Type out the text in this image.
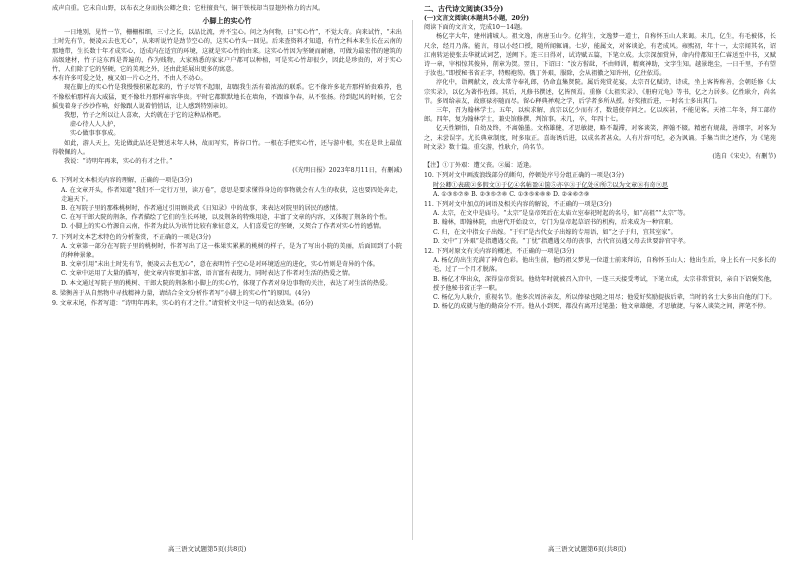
成声自重。它未自山野，以布衣之身而执公卿之贵；它柱擅贵气，铜干铁枝却当显翅外格力的古风。

小脚上的实心竹

一日地别，见竹一节，栅栅相细，三寸之长，以品比流，并不宝心。问之为何物，曰“实心竹”，不觉大奇。向来试竹，“未出土时先有节，便凌云去也无心”，从来听说竹是劲节空心的，这实心竹头一回见。后来查资料才知道，有竹之科本来生长在云南的那地带，生长数十年才成实心，适成内在适宜的环境，这就是实心竹的由来。这实心竹因为坚硬而耐磨，可做为最宏伟的建筑的高级建材，竹子这东西是普遍的，作为贱物，大家熟悉的家家户户都可以种植，可是实心竹却很少，因此是珍贵的，对于实心竹，人们除了它的坚硬，它的美观之外，还由此延展出更多的寓意。

本有许多可爱之处，瘦又如一片心之丹，不由人不动心。

现在脚上的实心竹是我慢慢积累起来的，竹子尽管不起眼，却跟我生活有着浓浓的联系。它不像许多花卉那样娇贵难养，也不像松柏那样高大威猛，更不像牡丹那样雍容华贵。平时它都默默地长在墙角，不跟谁争春，从不张扬。待到起风的时候，它会摇曳着身子沙沙作响，好像跟人说着悄悄话，让人感到特别亲切。

我想，竹子之所以让人喜欢，大约就在于它的这种品格吧。

虚心待人人人护，

实心做事事事成。

如此，游人天上，先论做此品还是赞送末年人林，故而写实，皆谷口竹。一根在手把实心竹，还与游中根，实在是世上最值得敬佩的人。

我说：“诗明年再来，实心的有才之什。”

(《光明日报》2023年8月11日，有删减)

6. 下列对文本相关内容的理解，正确的一项是(3分)

A. 在文章开头，作者知道“我们不一定行万里，读万卷”，意思是要求懂得身边的事物就会有人生的收获，这也要四处奔走，走遍天下。

B. 在写院子里的那株桃树时，作者通过引用顾炎武《日知录》中的故事，来表达对院里的居民的感情。

C. 在写干郎大院的荆条，作者描绘了它们的生长环境，以及荆条的特殊用途，丰富了文章的内容，又体现了荆条的个性。

D. 小脚上的实心竹源自云南，作者为此认为该竹比较有象征意义，人们喜爱它的坚硬，又契合了作者对实心竹的感情。

7. 下列对文本艺术特色的分析鉴赏，不正确的一项是(3分)

A. 文章第一部分在写院子里的桃树时，作者写出了这一株果实累累的桃树的样子，是为了写出小院的美丽，后面回到了小院的种种景象。

B. 文章引用“未出土时先有节，便凌云去也无心”，意在表明竹子空心是对环境适应的进化，实心竹则是奇异的个体。

C. 文章中运用了大量的描写，使文章内容更加丰富，语言富有表现力，同时表达了作者对生活的热爱之情。

D. 本文通过写院子里的桃树、干郎大院的荆条和小脚上的实心竹，体现了作者对身边事物的关注，表达了对生活的热爱。

8. 梁衡善于从自然物中寻找精神力量，请结合全文分析作者写“小脚上的实心竹”的原因。(4分)

9. 文章末尾，作者写道：“诗明年再来，实心的有才之什。”请赏析文中这一句的表达效果。(6分)

二、古代诗文阅读(35分)

(一)文言文阅读(本题共5小题，20分)

阅读下面的文言文，完成10～14题。

杨亿字大年，建州浦城人。祖文逸，南唐玉山令。亿将生，文逸梦一道士，自称怀玉山人来谒。未几，亿生，有毛被体，长尺余，经月乃落。能言，母以小经口授，随所闻辄诵。七岁，能属文，对客谈论，有老成风。雍熙初，年十一，太宗闻其名，诏江南转运使张去华就试词艺，送阙下。连三日得对，试诗赋五篇，下笔立成。太宗深加赏异，命内侍都知王仁睿送至中书，又赋诗一章，宰相惊其俊异，削章为贺。翌日，下诏曰：“汝方髫龀，不由师训，精爽神助，文字生知。越景绝尘，一日千里，予有望于汝也。”即授秘书省正字，特赐袍笏。俄丁外艰，服除，会从祖徽之知许州，亿往依焉。

淳化中，诣阙献文，改太常寺奉礼郎，仍命直集贤院。属后苑赏花宴，太宗召亿赋诗，诗成，坐上客皆称善，会朝廷修《太宗实录》，以亿为著作佐郎。其后，凡修书撰述，亿皆预焉。重修《太祖实录》、《册府元龟》等书，亿之力居多。亿性耿介，尚名节。多周给亲友，故廪禄亦随而尽。留心释典禅观之学，后学者多所从授。好奖掖后进，一时名士多出其门。

三年，召为翰林学士。五年，以疾求解，真宗以亿少而有才，数遣使存问之。亿以疾甚，不能见客。天禧二年冬，拜工部侍郎。四年，复为翰林学士，兼史馆修撰、判馆事。未几，卒，年四十七。

亿天性颖悟，自幼及终，不离翰墨。文格雄健，才思敏捷，略不凝滞，对客谈笑，挥翰不辍。精密有规裁，善细字，对客为之，未尝误字。尤长典章制度，时多取正。喜诲诱后进，以成名者甚众。人有片辞可纪，必为讽诵。手集当世之述作，为《笔苑时文录》数十篇。重交游，性耿介，尚名节。

(选自《宋史》，有删节)

【注】①丁外艰：遭父丧。②属：适逢。

10. 下列对文中画波浪线部分的断句，停顿处序号分组正确的一项是(3分)

时公卿①表疏②多假文③于亿④名帖盈④箧⑤亦卒③于亿处⑥所⑦以为文章⑧有奇⑨思

A. ①③⑤⑦⑨ B. ②③⑤⑦⑧ C. ①③⑤⑥⑧⑨ D. ②④⑥⑦⑨

11. 下列对文中加点的词语及相关内容的解说，不正确的一项是(3分)

A. 太宗，在文中是庙号。“太宗”是皇帝死后在太庙立室奉祀时起的名号，如“高祖”“太宗”等。

B. 翰林，即翰林院，由唐代开始设立，专门为皇帝起草诏书的机构，后来成为一种官职。

C. 归，在文中指女子出嫁。“于归”是古代女子出嫁的专用语，如“之子于归，宜其室家”。

D. 文中“丁外艰”是指遭遇父丧。“丁忧”指遭遇父母的丧事，古代官员遇父母去世要辞官守孝。

12. 下列对原文有关内容的概述，不正确的一项是(3分)

A. 杨亿的出生充满了神奇色彩。他出生前，他的祖父梦见一位道士前来拜访，自称怀玉山人；他出生后，身上长有一尺多长的毛，过了一个月才脱落。

B. 杨亿才华出众，深得皇帝赏识。他幼年时就被召入宫中，一连三天接受考试，下笔立成，太宗非常赏识，亲自下诏褒奖他，授予他秘书省正字一职。

C. 杨亿为人耿介，重视名节。他多次周济亲友，所以俸禄也随之用尽；他爱好奖励提拔后辈，当时的名士大多出自他的门下。

D. 杨亿的成就与他的勤奋分不开。他从小到死，都没有离开过笔墨；他文章雄健，才思敏捷，与客人谈笑之间，挥笔不停。

高三语文试题第5页(共8页)	高三语文试题第6页(共8页)
